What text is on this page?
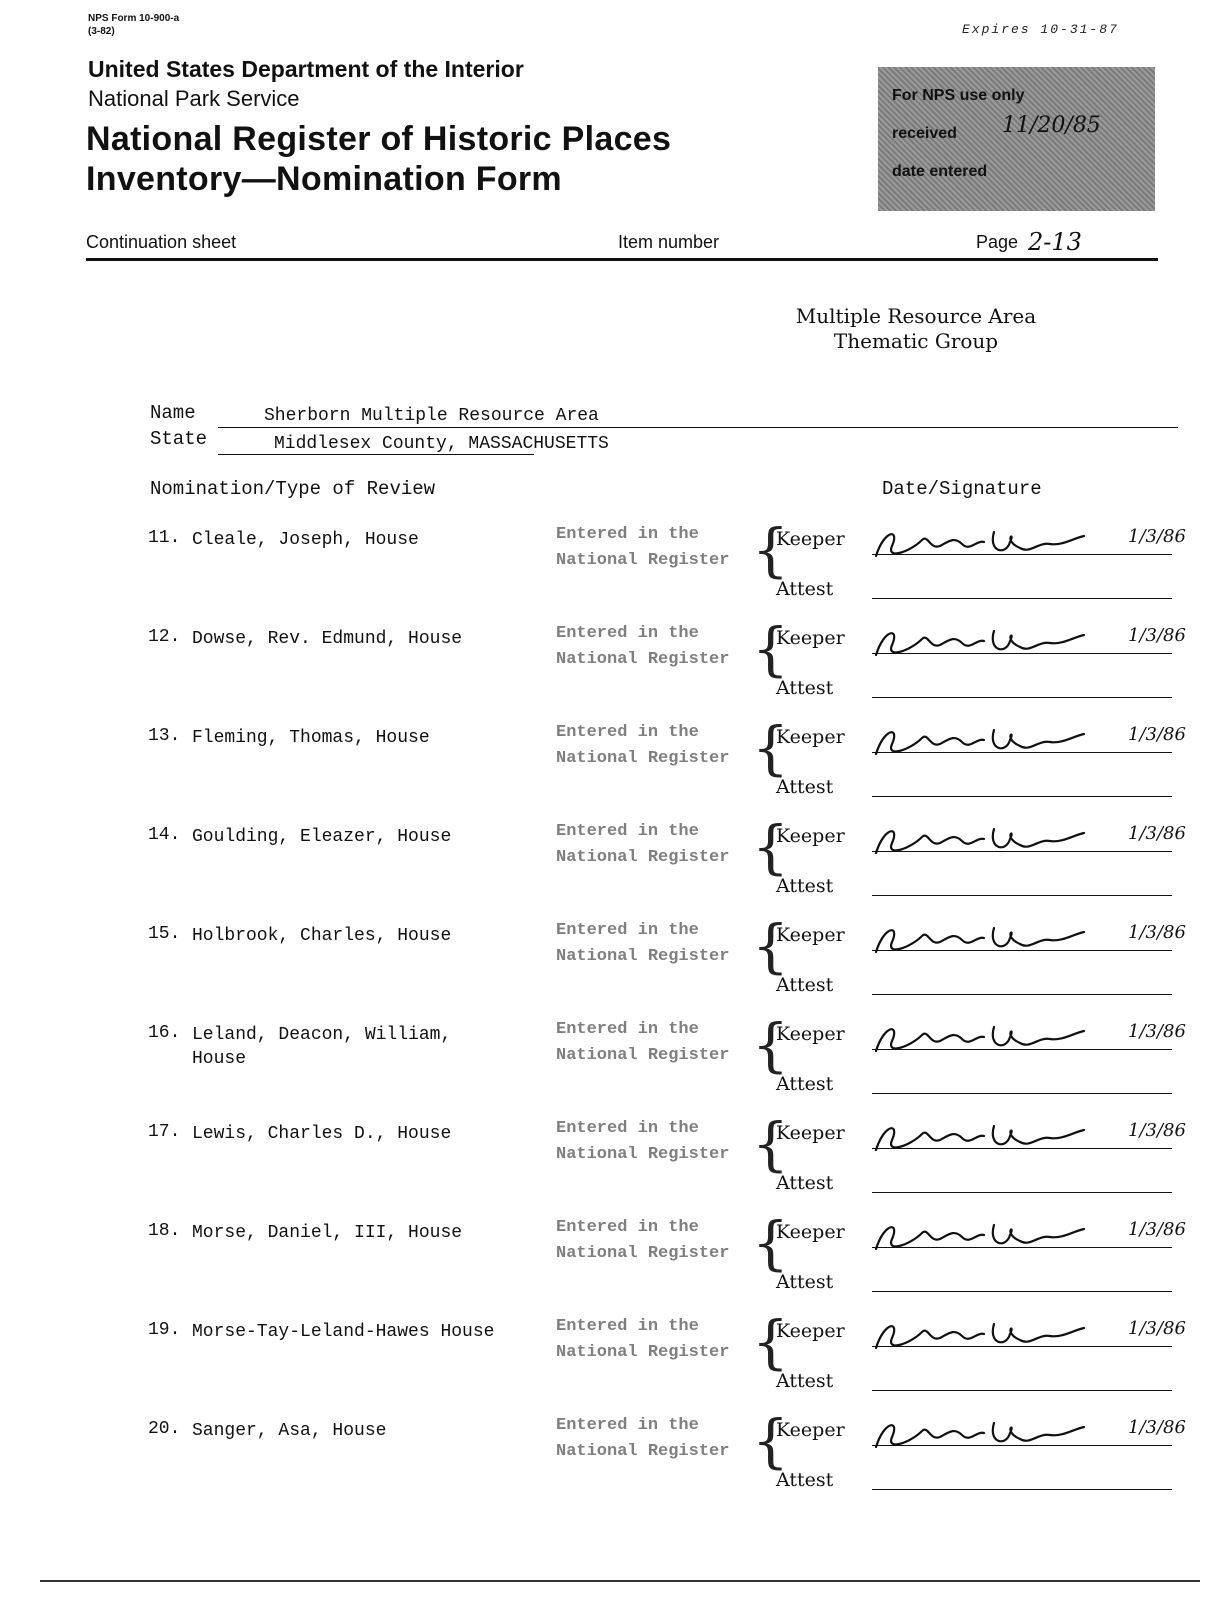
NPS Form 10-900-a
(3-82)	Expires 10-31-87
United States Department of the Interior
National Park Service
National Register of Historic Places
Inventory—Nomination Form
For NPS use only
received 11/20/85
date entered
Continuation sheet	Item number	Page 2-13
Multiple Resource Area
Thematic Group
Name	Sherborn Multiple Resource Area
State	Middlesex County, MASSACHUSETTS
Nomination/Type of Review	Date/Signature
11. Cleale, Joseph, House	Entered in the National Register {
Keeper
Attest
1/3/86
12. Dowse, Rev. Edmund, House	Entered in the National Register {
Keeper
Attest
1/3/86
13. Fleming, Thomas, House	Entered in the National Register {
Keeper
Attest
1/3/86
14. Goulding, Eleazer, House	Entered in the National Register {
Keeper
Attest
1/3/86
15. Holbrook, Charles, House	Entered in the National Register {
Keeper
Attest
1/3/86
16. Leland, Deacon, William,
House
Entered in the National Register {
Keeper
Attest
1/3/86
17. Lewis, Charles D., House	Entered in the National Register {
Keeper
Attest
1/3/86
18. Morse, Daniel, III, House	Entered in the National Register {
Keeper
Attest
1/3/86
19. Morse-Tay-Leland-Hawes House	Entered in the National Register {
Keeper
Attest
1/3/86
20. Sanger, Asa, House	Entered in the National Register {
Keeper
Attest
1/3/86
